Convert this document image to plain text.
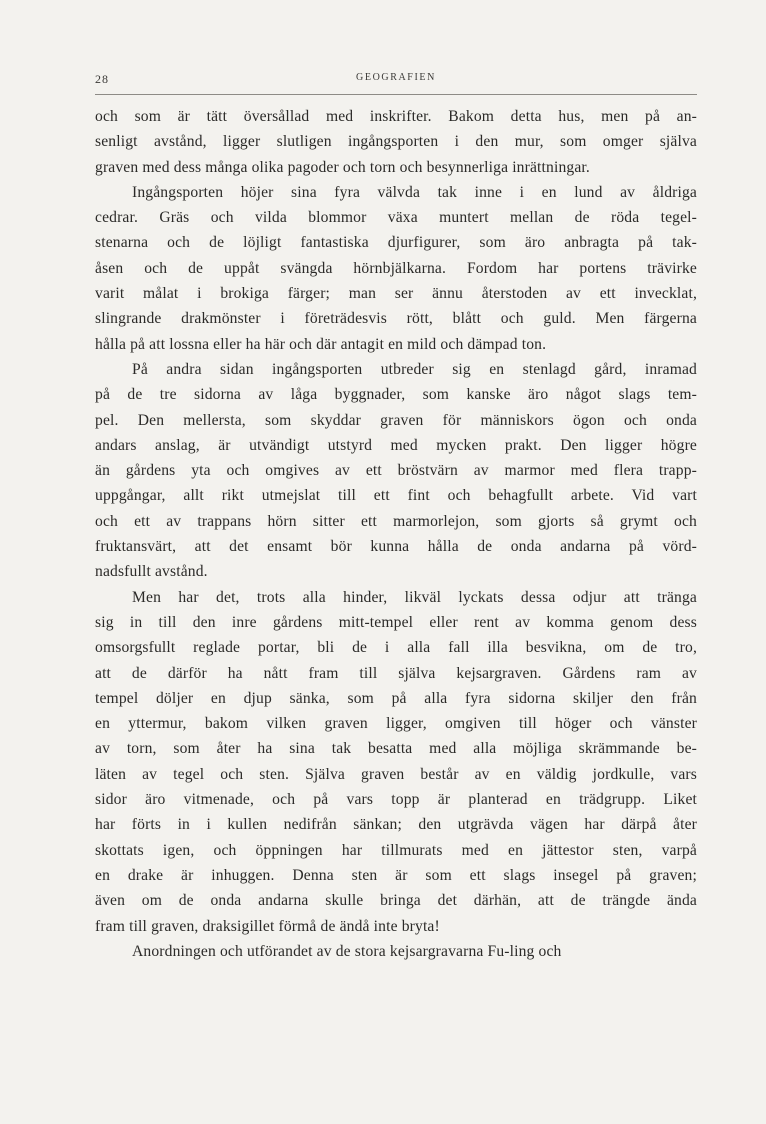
28	GEOGRAFIEN
och som är tätt översållad med inskrifter. Bakom detta hus, men på an-
senligt avstånd, ligger slutligen ingångsporten i den mur, som omger själva
graven med dess många olika pagoder och torn och besynnerliga inrättningar.
Ingångsporten höjer sina fyra välvda tak inne i en lund av åldriga
cedrar. Gräs och vilda blommor växa muntert mellan de röda tegel-
stenarna och de löjligt fantastiska djurfigurer, som äro anbragta på tak-
åsen och de uppåt svängda hörnbjälkarna. Fordom har portens trävirke
varit målat i brokiga färger; man ser ännu återstoden av ett invecklat,
slingrande drakmönster i företrädesvis rött, blått och guld. Men färgerna
hålla på att lossna eller ha här och där antagit en mild och dämpad ton.
På andra sidan ingångsporten utbreder sig en stenlagd gård, inramad
på de tre sidorna av låga byggnader, som kanske äro något slags tem-
pel. Den mellersta, som skyddar graven för människors ögon och onda
andars anslag, är utvändigt utstyrd med mycken prakt. Den ligger högre
än gårdens yta och omgives av ett bröstvärn av marmor med flera trapp-
uppgångar, allt rikt utmejslat till ett fint och behagfullt arbete. Vid vart
och ett av trappans hörn sitter ett marmorlejon, som gjorts så grymt och
fruktansvärt, att det ensamt bör kunna hålla de onda andarna på vörd-
nadsfullt avstånd.
Men har det, trots alla hinder, likväl lyckats dessa odjur att tränga
sig in till den inre gårdens mitt-tempel eller rent av komma genom dess
omsorgsfullt reglade portar, bli de i alla fall illa besvikna, om de tro,
att de därför ha nått fram till själva kejsargraven. Gårdens ram av
tempel döljer en djup sänka, som på alla fyra sidorna skiljer den från
en yttermur, bakom vilken graven ligger, omgiven till höger och vänster
av torn, som åter ha sina tak besatta med alla möjliga skrämmande be-
läten av tegel och sten. Själva graven består av en väldig jordkulle, vars
sidor äro vitmenade, och på vars topp är planterad en trädgrupp. Liket
har förts in i kullen nedifrån sänkan; den utgrävda vägen har därpå åter
skottats igen, och öppningen har tillmurats med en jättestor sten, varpå
en drake är inhuggen. Denna sten är som ett slags insegel på graven;
även om de onda andarna skulle bringa det därhän, att de trängde ända
fram till graven, draksigillet förmå de ändå inte bryta!
Anordningen och utförandet av de stora kejsargravarna Fu-ling och
